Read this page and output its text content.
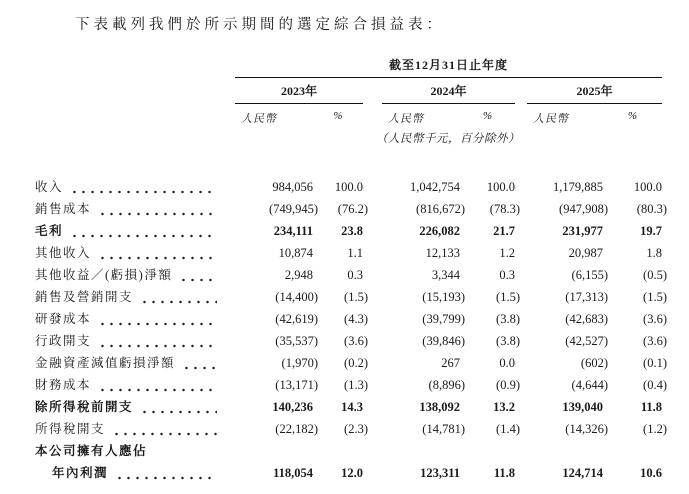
下表載列我們於所示期間的選定綜合損益表：
截至12月31日止年度
2023年
人民幣	%
2024年
人民幣	%
2025年
人民幣	%
（人民幣千元，百分除外）
收入	984,056	100.0	1,042,754	100.0	1,179,885	100.0
銷售成本	(749,945)	(76.2)	(816,672)	(78.3)	(947,908)	(80.3)
毛利	234,111	23.8	226,082	21.7	231,977	19.7
其他收入	10,874	1.1	12,133	1.2	20,987	1.8
其他收益／(虧損)淨額	2,948	0.3	3,344	0.3	(6,155)	(0.5)
銷售及營銷開支	(14,400)	(1.5)	(15,193)	(1.5)	(17,313)	(1.5)
研發成本	(42,619)	(4.3)	(39,799)	(3.8)	(42,683)	(3.6)
行政開支	(35,537)	(3.6)	(39,846)	(3.8)	(42,527)	(3.6)
金融資產減值虧損淨額	(1,970)	(0.2)	267	0.0	(602)	(0.1)
財務成本	(13,171)	(1.3)	(8,896)	(0.9)	(4,644)	(0.4)
除所得稅前開支	140,236	14.3	138,092	13.2	139,040	11.8
所得稅開支	(22,182)	(2.3)	(14,781)	(1.4)	(14,326)	(1.2)
本公司擁有人應佔
年內利潤	118,054	12.0	123,311	11.8	124,714	10.6
